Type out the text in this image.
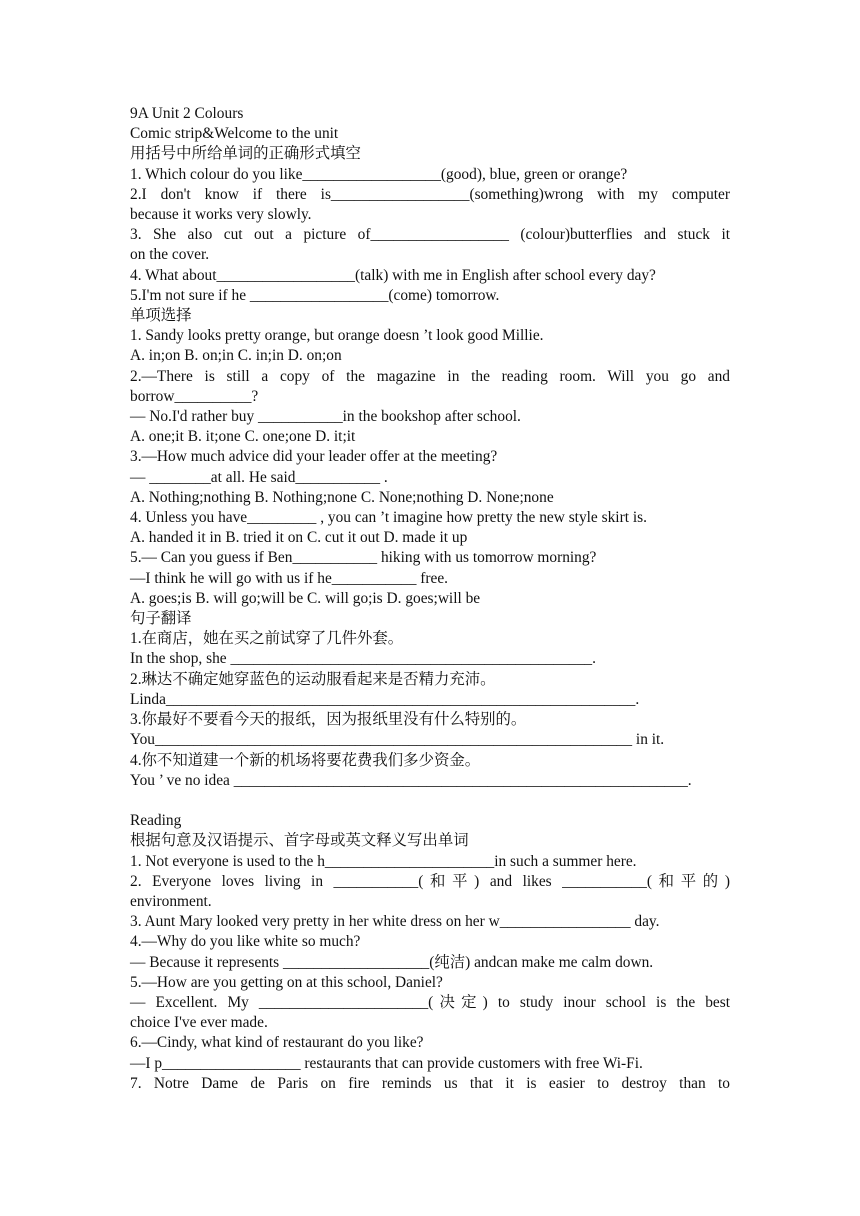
9A Unit 2 Colours
Comic strip&Welcome to the unit
用括号中所给单词的正确形式填空
1. Which colour do you like__________________(good), blue, green or orange?
2.I don't know if there is__________________(something)wrong with my computer
because it works very slowly.
3. She also cut out a picture of__________________ (colour)butterflies and stuck it
on the cover.
4. What about__________________(talk) with me in English after school every day?
5.I'm not sure if he __________________(come) tomorrow.
单项选择
1. Sandy looks pretty orange, but orange doesn ’t look good Millie.
A. in;on B. on;in C. in;in D. on;on
2.—There is still a copy of the magazine in the reading room. Will you go and
borrow__________?
— No.I'd rather buy ___________in the bookshop after school.
A. one;it B. it;one C. one;one D. it;it
3.—How much advice did your leader offer at the meeting?
— ________at all. He said___________ .
A. Nothing;nothing B. Nothing;none C. None;nothing D. None;none
4. Unless you have_________ , you can ’t imagine how pretty the new style skirt is.
A. handed it in B. tried it on C. cut it out D. made it up
5.— Can you guess if Ben___________ hiking with us tomorrow morning?
—I think he will go with us if he___________ free.
A. goes;is B. will go;will be C. will go;is D. goes;will be
句子翻译
1.在商店，她在买之前试穿了几件外套。
In the shop, she _______________________________________________.
2.琳达不确定她穿蓝色的运动服看起来是否精力充沛。
Linda_____________________________________________________________.
3.你最好不要看今天的报纸，因为报纸里没有什么特别的。
You______________________________________________________________ in it.
4.你不知道建一个新的机场将要花费我们多少资金。
You ’ ve no idea ___________________________________________________________.
Reading
根据句意及汉语提示、首字母或英文释义写出单词
1. Not everyone is used to the h______________________in such a summer here.
2. Everyone loves living in ___________(和平) and likes ___________(和平的)
environment.
3. Aunt Mary looked very pretty in her white dress on her w_________________ day.
4.—Why do you like white so much?
— Because it represents ___________________(纯洁) andcan make me calm down.
5.—How are you getting on at this school, Daniel?
— Excellent. My ______________________(决定) to study inour school is the best
choice I've ever made.
6.—Cindy, what kind of restaurant do you like?
—I p__________________ restaurants that can provide customers with free Wi-Fi.
7. Notre Dame de Paris on fire reminds us that it is easier to destroy than to
